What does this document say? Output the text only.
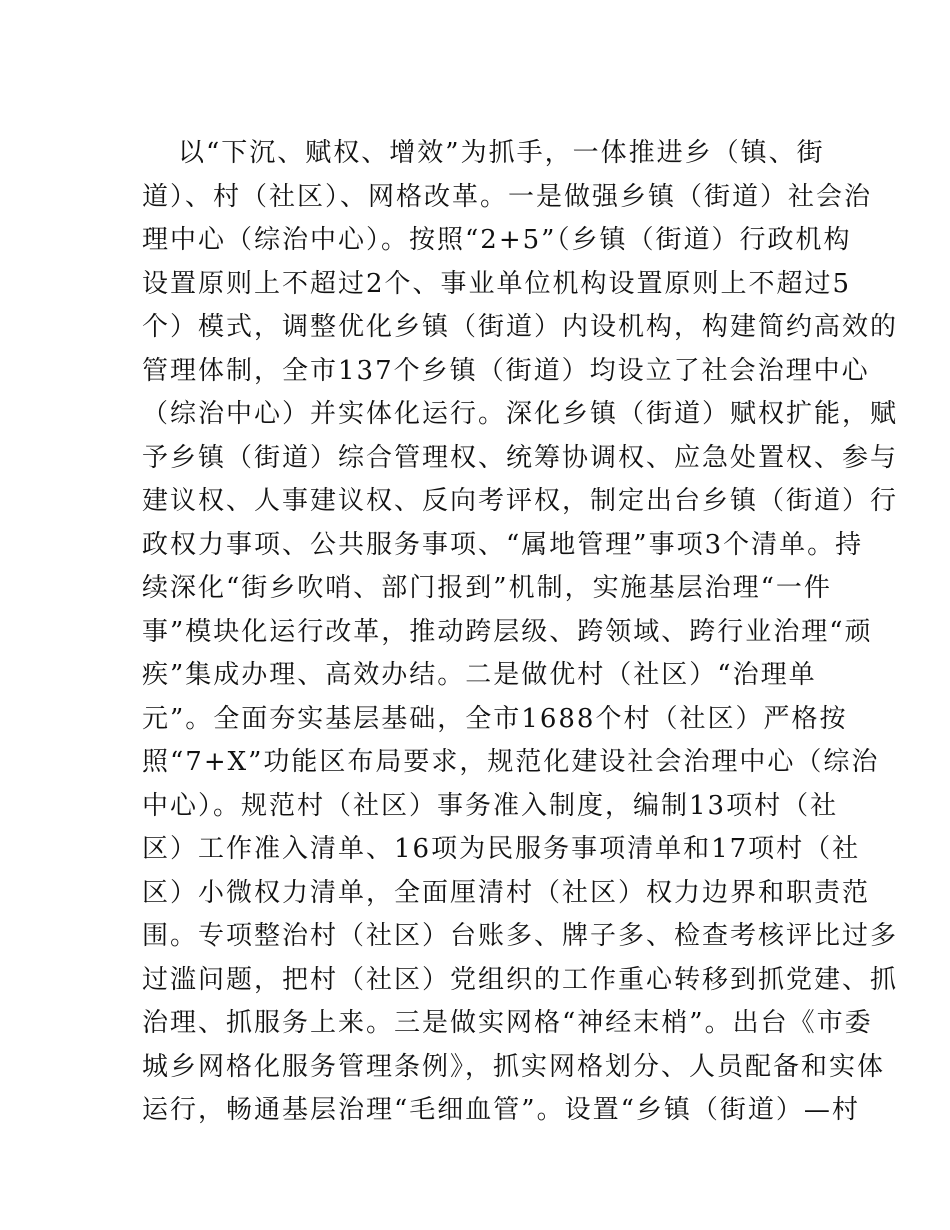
以“下沉、赋权、增效”为抓手，一体推进乡（镇、街
道）、村（社区）、网格改革。一是做强乡镇（街道）社会治
理中心（综治中心）。按照“2+5”（乡镇（街道）行政机构
设置原则上不超过2个、事业单位机构设置原则上不超过5
个）模式，调整优化乡镇（街道）内设机构，构建简约高效的
管理体制，全市137个乡镇（街道）均设立了社会治理中心
（综治中心）并实体化运行。深化乡镇（街道）赋权扩能，赋
予乡镇（街道）综合管理权、统筹协调权、应急处置权、参与
建议权、人事建议权、反向考评权，制定出台乡镇（街道）行
政权力事项、公共服务事项、“属地管理”事项3个清单。持
续深化“街乡吹哨、部门报到”机制，实施基层治理“一件
事”模块化运行改革，推动跨层级、跨领域、跨行业治理“顽
疾”集成办理、高效办结。二是做优村（社区）“治理单
元”。全面夯实基层基础，全市1688个村（社区）严格按
照“7+X”功能区布局要求，规范化建设社会治理中心（综治
中心）。规范村（社区）事务准入制度，编制13项村（社
区）工作准入清单、16项为民服务事项清单和17项村（社
区）小微权力清单，全面厘清村（社区）权力边界和职责范
围。专项整治村（社区）台账多、牌子多、检查考核评比过多
过滥问题，把村（社区）党组织的工作重心转移到抓党建、抓
治理、抓服务上来。三是做实网格“神经末梢”。出台《市委
城乡网格化服务管理条例》，抓实网格划分、人员配备和实体
运行，畅通基层治理“毛细血管”。设置“乡镇（街道）—村
